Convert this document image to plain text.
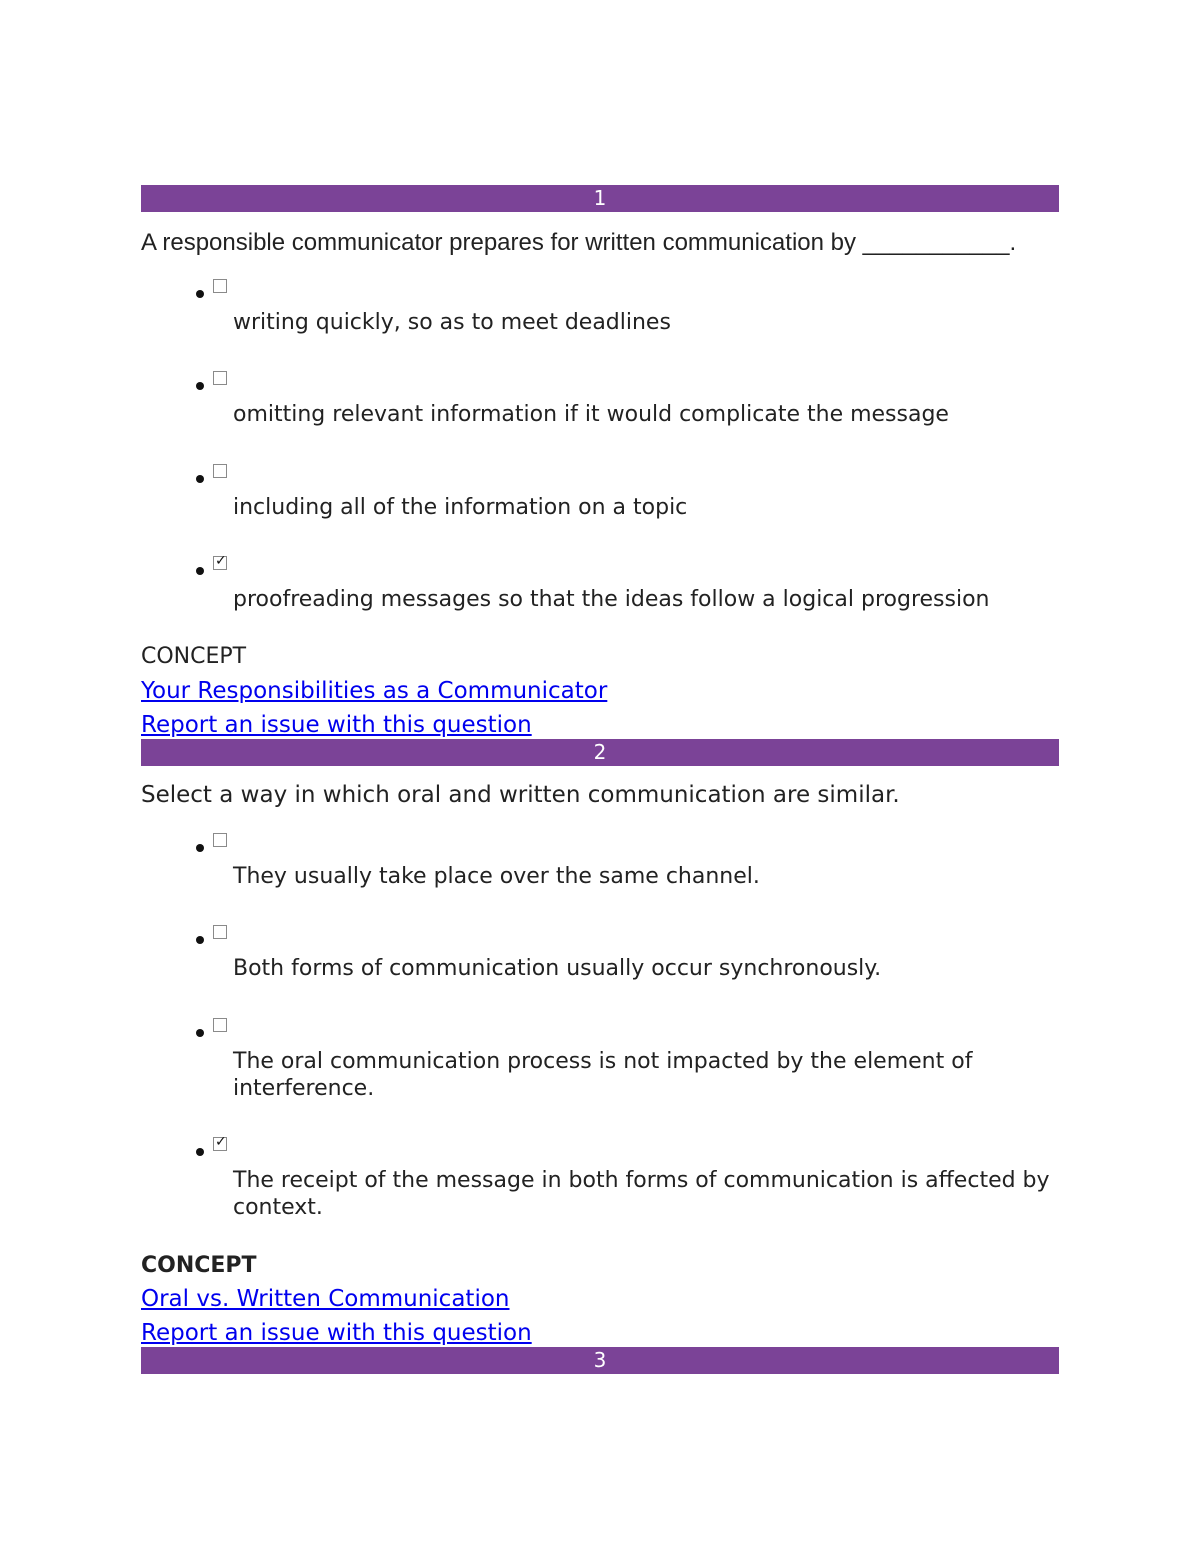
1
A responsible communicator prepares for written communication by ___________.
writing quickly, so as to meet deadlines
omitting relevant information if it would complicate the message
including all of the information on a topic
✓
proofreading messages so that the ideas follow a logical progression
CONCEPT
Your Responsibilities as a Communicator
Report an issue with this question
2
Select a way in which oral and written communication are similar.
They usually take place over the same channel.
Both forms of communication usually occur synchronously.
The oral communication process is not impacted by the element of interference.
✓
The receipt of the message in both forms of communication is affected by context.
CONCEPT
Oral vs. Written Communication
Report an issue with this question
3
